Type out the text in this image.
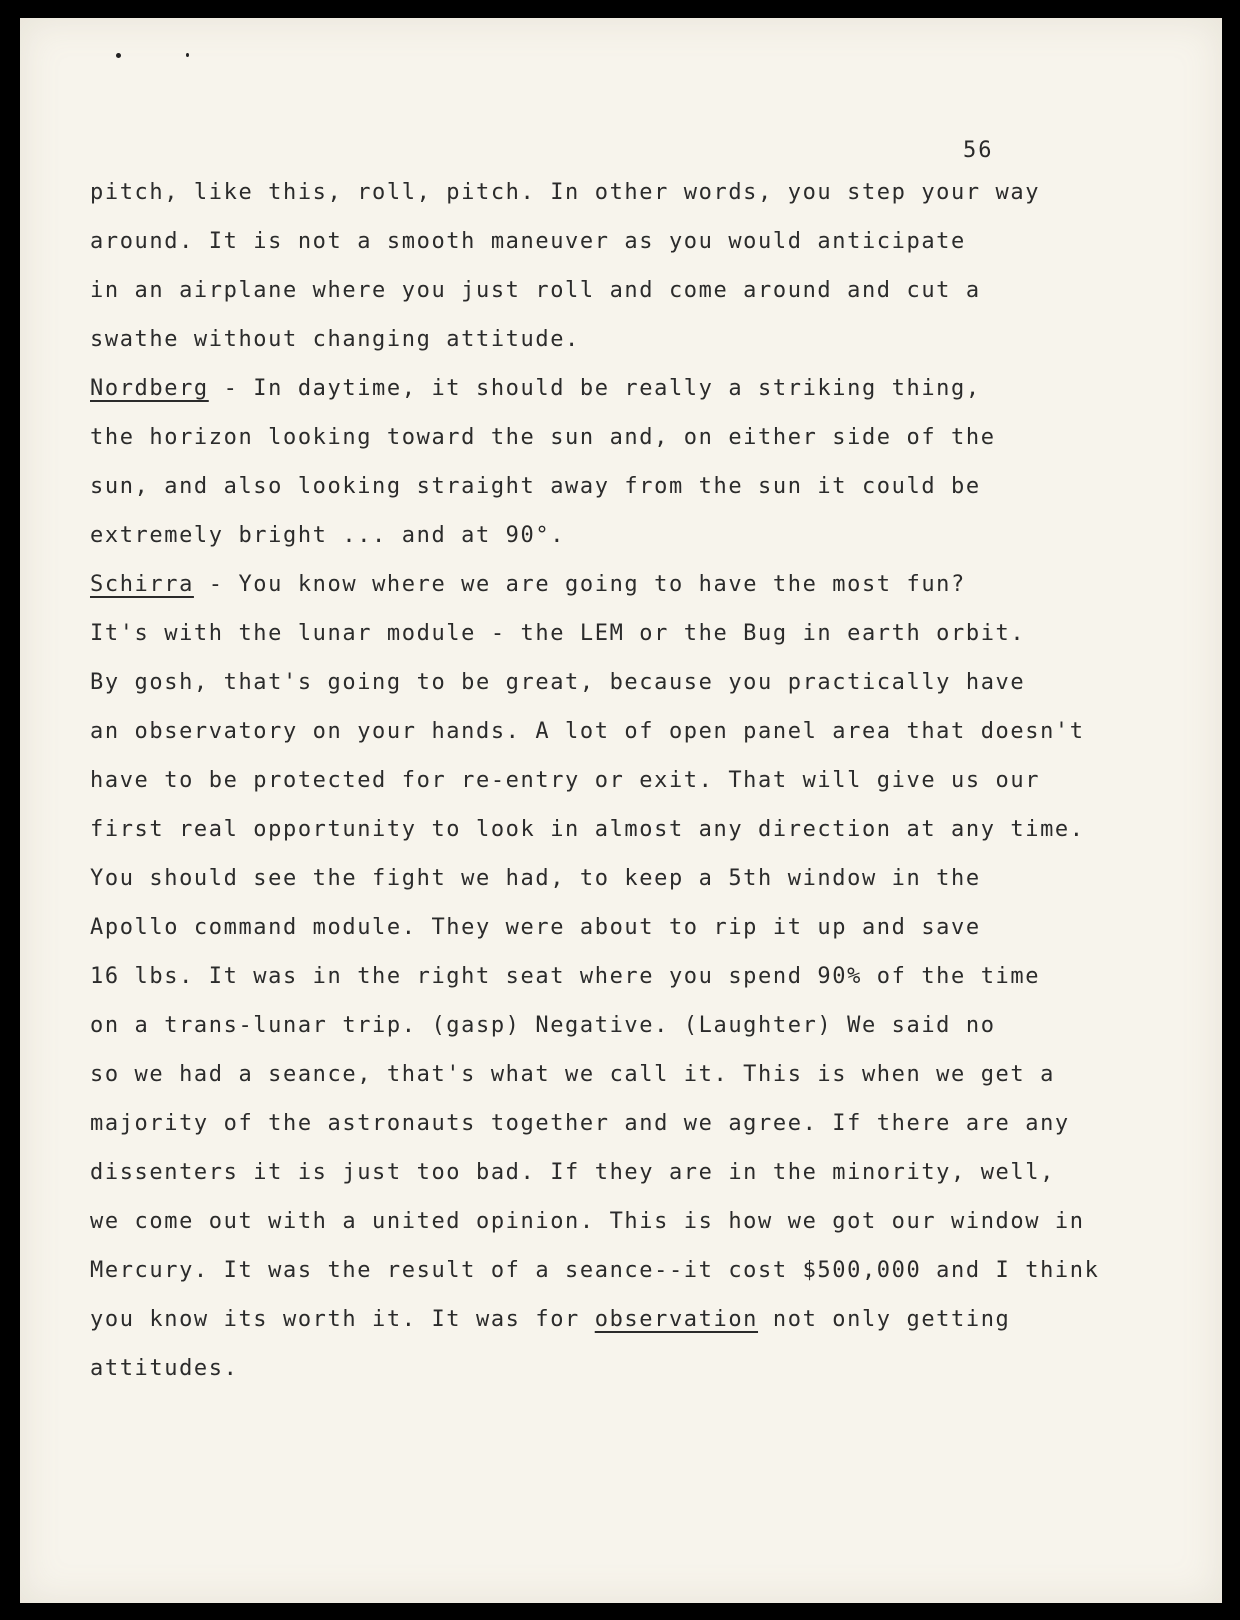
56
pitch, like this, roll, pitch. In other words, you step your way
around. It is not a smooth maneuver as you would anticipate
in an airplane where you just roll and come around and cut a
swathe without changing attitude.
Nordberg - In daytime, it should be really a striking thing,
the horizon looking toward the sun and, on either side of the
sun, and also looking straight away from the sun it could be
extremely bright ... and at 90°.
Schirra - You know where we are going to have the most fun?
It's with the lunar module - the LEM or the Bug in earth orbit.
By gosh, that's going to be great, because you practically have
an observatory on your hands. A lot of open panel area that doesn't
have to be protected for re-entry or exit. That will give us our
first real opportunity to look in almost any direction at any time.
You should see the fight we had, to keep a 5th window in the
Apollo command module. They were about to rip it up and save
16 lbs. It was in the right seat where you spend 90% of the time
on a trans-lunar trip. (gasp) Negative. (Laughter) We said no
so we had a seance, that's what we call it. This is when we get a
majority of the astronauts together and we agree. If there are any
dissenters it is just too bad. If they are in the minority, well,
we come out with a united opinion. This is how we got our window in
Mercury. It was the result of a seance--it cost $500,000 and I think
you know its worth it. It was for observation not only getting
attitudes.
